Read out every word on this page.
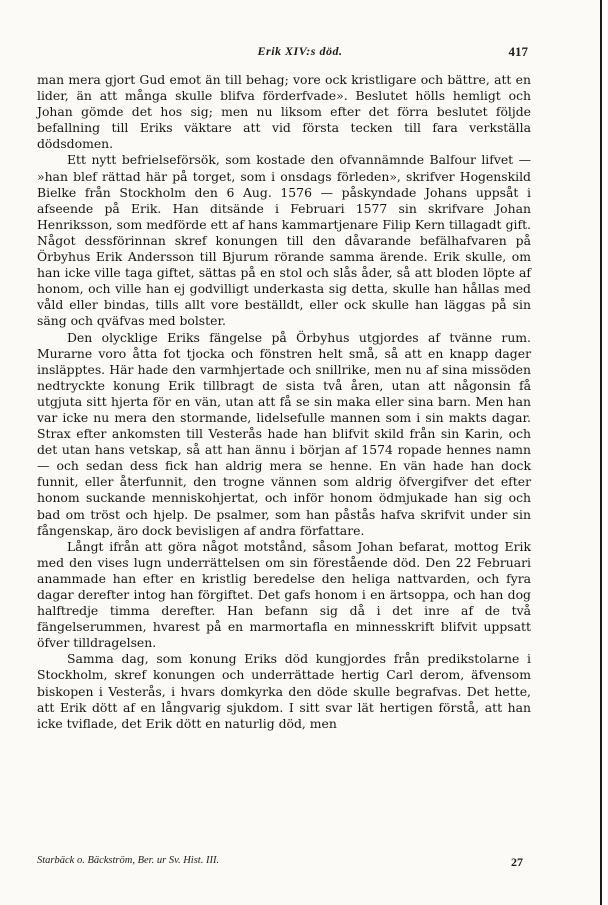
Erik XIV:s död.	417

man mera gjort Gud emot än till behag; vore ock kristligare och bättre, att en lider, än att många skulle blifva förderfvade». Beslutet hölls hemligt och Johan gömde det hos sig; men nu liksom efter det förra beslutet följde befallning till Eriks väktare att vid första tecken till fara verkställa dödsdomen.

Ett nytt befrielseförsök, som kostade den ofvannämnde Balfour lifvet — »han blef rättad här på torget, som i onsdags förleden», skrifver Hogenskild Bielke från Stockholm den 6 Aug. 1576 — påskyndade Johans uppsåt i afseende på Erik. Han ditsände i Februari 1577 sin skrifvare Johan Henriksson, som medförde ett af hans kammartjenare Filip Kern tillagadt gift. Något dessförinnan skref konungen till den dåvarande befälhafvaren på Örbyhus Erik Andersson till Bjurum rörande samma ärende. Erik skulle, om han icke ville taga giftet, sättas på en stol och slås åder, så att bloden löpte af honom, och ville han ej godvilligt underkasta sig detta, skulle han hållas med våld eller bindas, tills allt vore beställdt, eller ock skulle han läggas på sin säng och qväfvas med bolster.

Den olycklige Eriks fängelse på Örbyhus utgjordes af tvänne rum. Murarne voro åtta fot tjocka och fönstren helt små, så att en knapp dager insläpptes. Här hade den varmhjertade och snillrike, men nu af sina missöden nedtryckte konung Erik tillbragt de sista två åren, utan att någonsin få utgjuta sitt hjerta för en vän, utan att få se sin maka eller sina barn. Men han var icke nu mera den stormande, lidelsefulle mannen som i sin makts dagar. Strax efter ankomsten till Vesterås hade han blifvit skild från sin Karin, och det utan hans vetskap, så att han ännu i början af 1574 ropade hennes namn — och sedan dess fick han aldrig mera se henne. En vän hade han dock funnit, eller återfunnit, den trogne vännen som aldrig öfvergifver det efter honom suckande menniskohjertat, och inför honom ödmjukade han sig och bad om tröst och hjelp. De psalmer, som han påstås hafva skrifvit under sin fångenskap, äro dock bevisligen af andra författare.

Långt ifrån att göra något motstånd, såsom Johan befarat, mottog Erik med den vises lugn underrättelsen om sin förestående död. Den 22 Februari anammade han efter en kristlig beredelse den heliga nattvarden, och fyra dagar derefter intog han förgiftet. Det gafs honom i en ärtsoppa, och han dog halftredje timma derefter. Han befann sig då i det inre af de två fängelserummen, hvarest på en marmortafla en minnesskrift blifvit uppsatt öfver tilldragelsen.

Samma dag, som konung Eriks död kungjordes från predikstolarne i Stockholm, skref konungen och underrättade hertig Carl derom, äfvensom biskopen i Vesterås, i hvars domkyrka den döde skulle begrafvas. Det hette, att Erik dött af en långvarig sjukdom. I sitt svar lät hertigen förstå, att han icke tviflade, det Erik dött en naturlig död, men

Starbäck o. Bäckström, Ber. ur Sv. Hist. III.	27
